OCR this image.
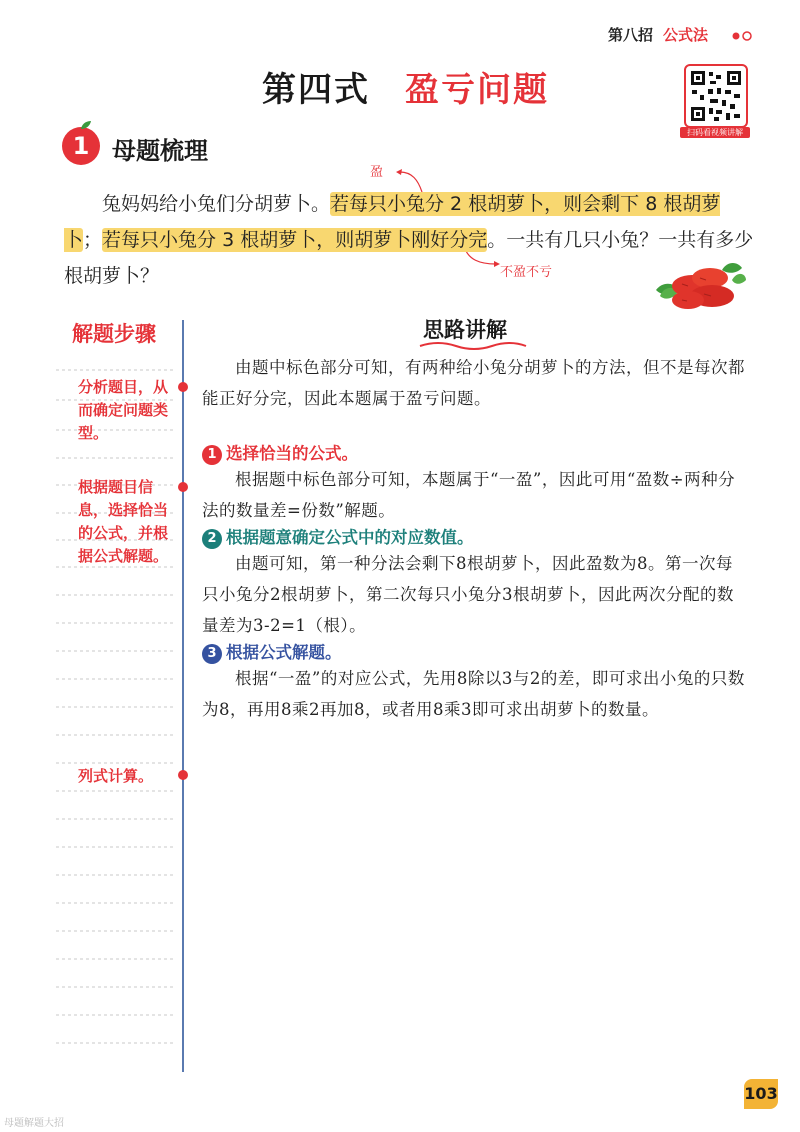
第八招 公式法
第四式 盈亏问题
扫码看视频讲解
1 母题梳理
盈
不盈不亏
兔妈妈给小兔们分胡萝卜。若每只小兔分 2 根胡萝卜，则会剩下 8 根胡萝卜；若每只小兔分 3 根胡萝卜，则胡萝卜刚好分完。一共有几只小兔？一共有多少根胡萝卜？
解题步骤
分析题目，从而确定问题类型。
根据题目信息，选择恰当的公式，并根据公式解题。
列式计算。
思路讲解
由题中标色部分可知，有两种给小兔分胡萝卜的方法，但不是每次都能正好分完，因此本题属于盈亏问题。
1 选择恰当的公式。
根据题中标色部分可知，本题属于“一盈”，因此可用“盈数÷两种分法的数量差=份数”解题。
2 根据题意确定公式中的对应数值。
由题可知，第一种分法会剩下8根胡萝卜，因此盈数为8。第一次每只小兔分2根胡萝卜，第二次每只小兔分3根胡萝卜，因此两次分配的数量差为3-2=1（根）。
3 根据公式解题。
根据“一盈”的对应公式，先用8除以3与2的差，即可求出小兔的只数为8，再用8乘2再加8，或者用8乘3即可求出胡萝卜的数量。
103
母题解题大招
